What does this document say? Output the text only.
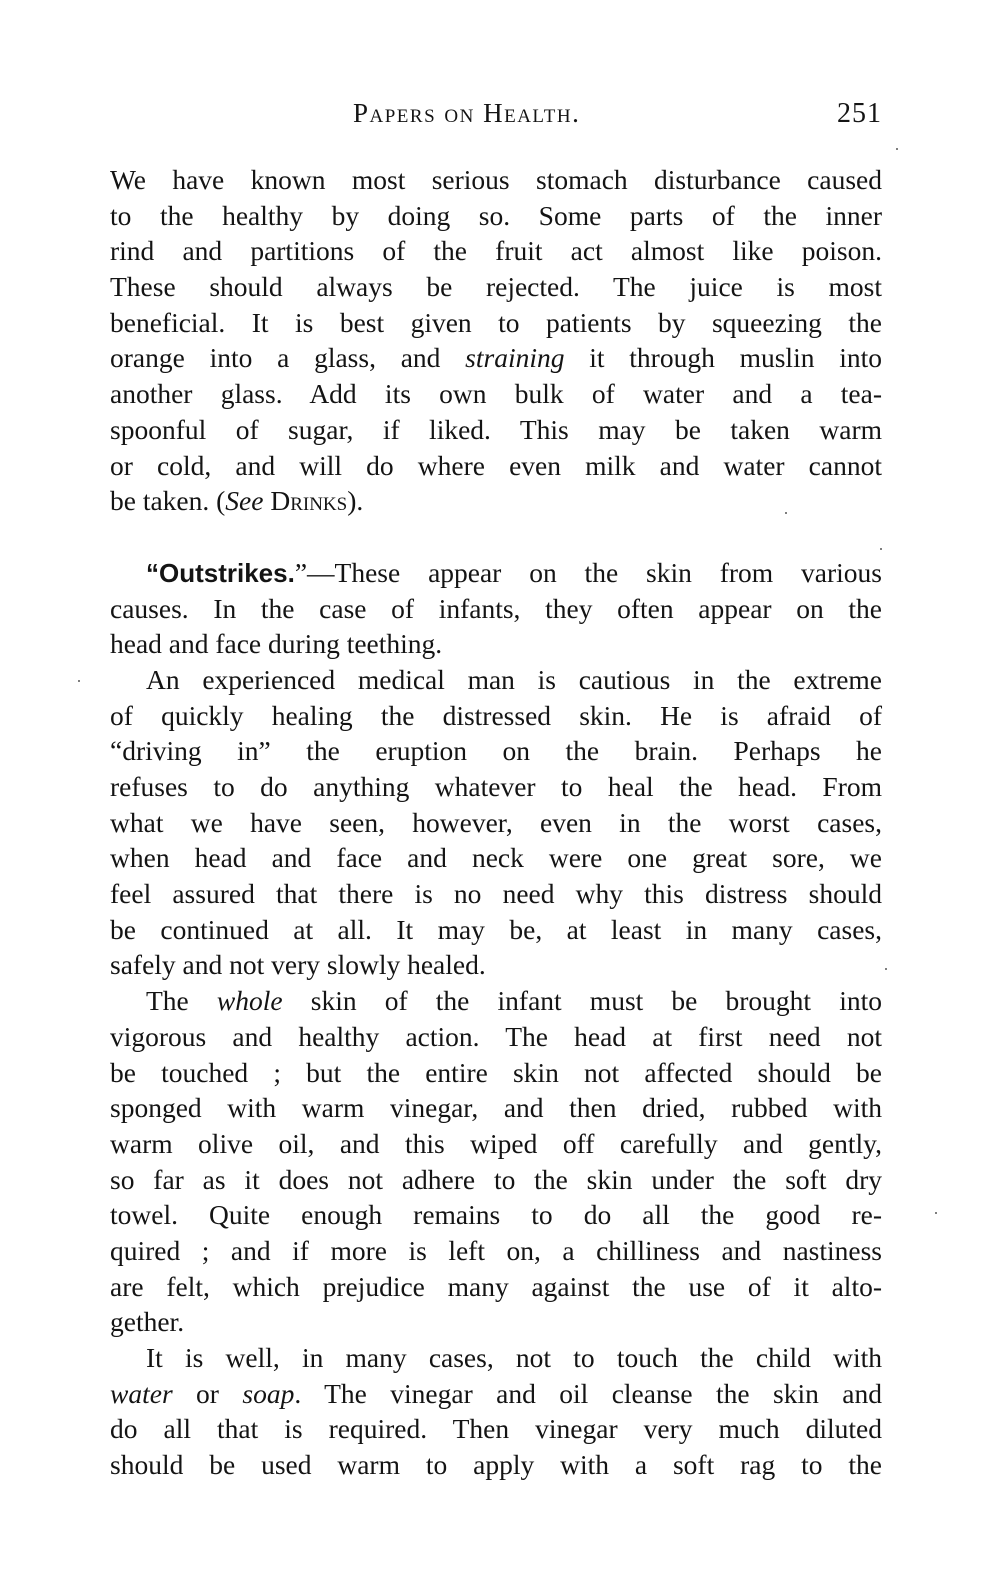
Papers on Health.	251
We have known most serious stomach disturbance caused
to the healthy by doing so. Some parts of the inner
rind and partitions of the fruit act almost like poison.
These should always be rejected. The juice is most
beneficial. It is best given to patients by squeezing the
orange into a glass, and straining it through muslin into
another glass. Add its own bulk of water and a tea-
spoonful of sugar, if liked. This may be taken warm
or cold, and will do where even milk and water cannot
be taken. (See Drinks).
“Outstrikes.”—These appear on the skin from various
causes. In the case of infants, they often appear on the
head and face during teething.
An experienced medical man is cautious in the extreme
of quickly healing the distressed skin. He is afraid of
“driving in” the eruption on the brain. Perhaps he
refuses to do anything whatever to heal the head. From
what we have seen, however, even in the worst cases,
when head and face and neck were one great sore, we
feel assured that there is no need why this distress should
be continued at all. It may be, at least in many cases,
safely and not very slowly healed.
The whole skin of the infant must be brought into
vigorous and healthy action. The head at first need not
be touched ; but the entire skin not affected should be
sponged with warm vinegar, and then dried, rubbed with
warm olive oil, and this wiped off carefully and gently,
so far as it does not adhere to the skin under the soft dry
towel. Quite enough remains to do all the good re-
quired ; and if more is left on, a chilliness and nastiness
are felt, which prejudice many against the use of it alto-
gether.
It is well, in many cases, not to touch the child with
water or soap. The vinegar and oil cleanse the skin and
do all that is required. Then vinegar very much diluted
should be used warm to apply with a soft rag to the
